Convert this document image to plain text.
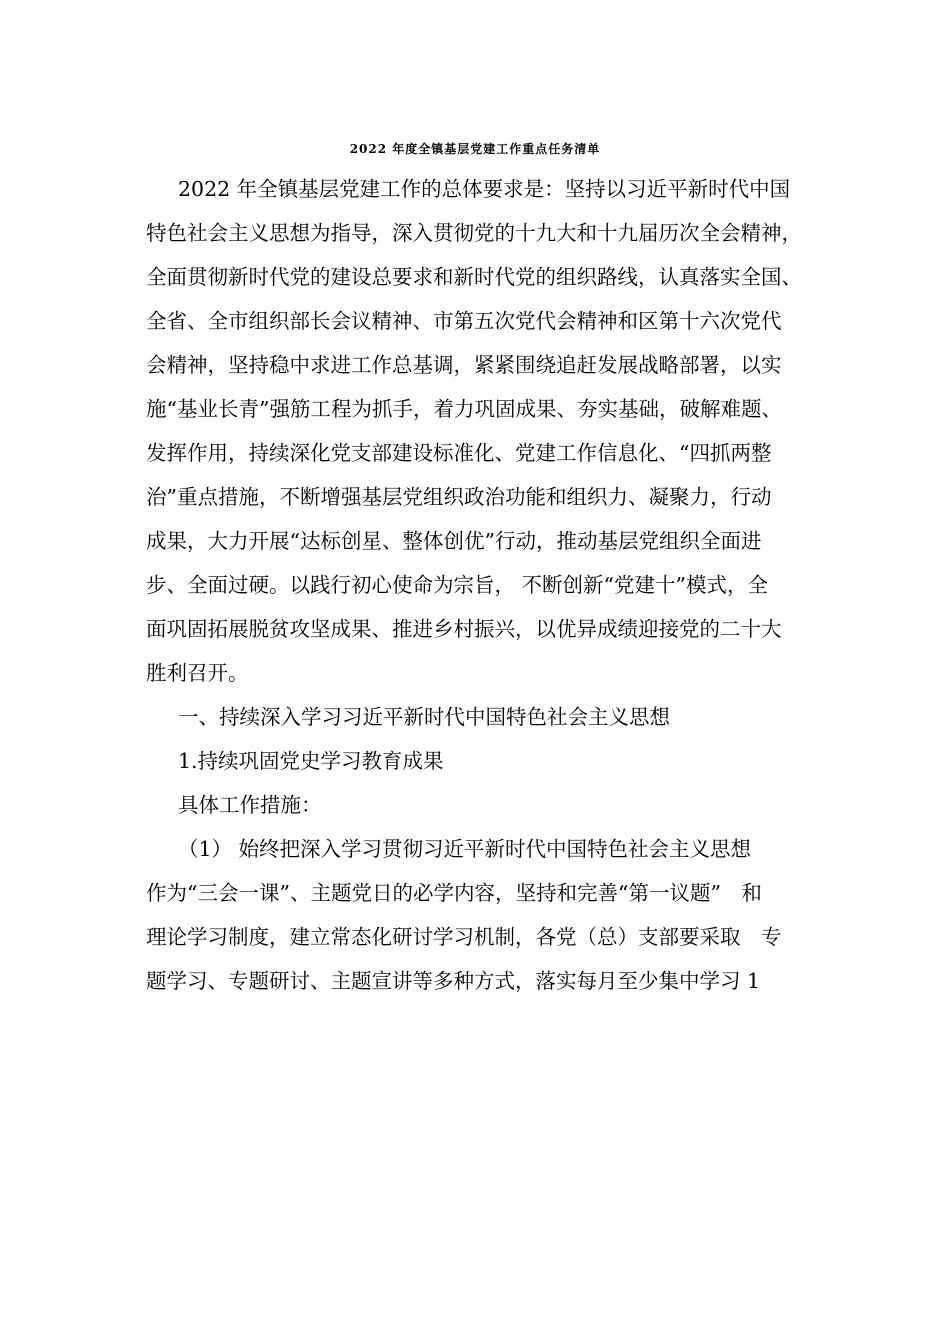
2022 年度全镇基层党建工作重点任务清单
2022 年全镇基层党建工作的总体要求是：坚持以习近平新时代中国
特色社会主义思想为指导，深入贯彻党的十九大和十九届历次全会精神，
全面贯彻新时代党的建设总要求和新时代党的组织路线，认真落实全国、
全省、全市组织部长会议精神、市第五次党代会精神和区第十六次党代
会精神，坚持稳中求进工作总基调，紧紧围绕追赶发展战略部署，以实
施“基业长青”强筋工程为抓手，着力巩固成果、夯实基础，破解难题、
发挥作用，持续深化党支部建设标准化、党建工作信息化、“四抓两整
治”重点措施，不断增强基层党组织政治功能和组织力、凝聚力，行动
成果，大力开展“达标创星、整体创优”行动，推动基层党组织全面进
步、全面过硬。以践行初心使命为宗旨， 不断创新“党建十”模式，全
面巩固拓展脱贫攻坚成果、推进乡村振兴，以优异成绩迎接党的二十大
胜利召开。
一、持续深入学习习近平新时代中国特色社会主义思想
1.持续巩固党史学习教育成果
具体工作措施：
（1） 始终把深入学习贯彻习近平新时代中国特色社会主义思想
作为“三会一课”、主题党日的必学内容，坚持和完善“第一议题”　和
理论学习制度，建立常态化研讨学习机制，各党（总）支部要采取　专
题学习、专题研讨、主题宣讲等多种方式，落实每月至少集中学习 1
